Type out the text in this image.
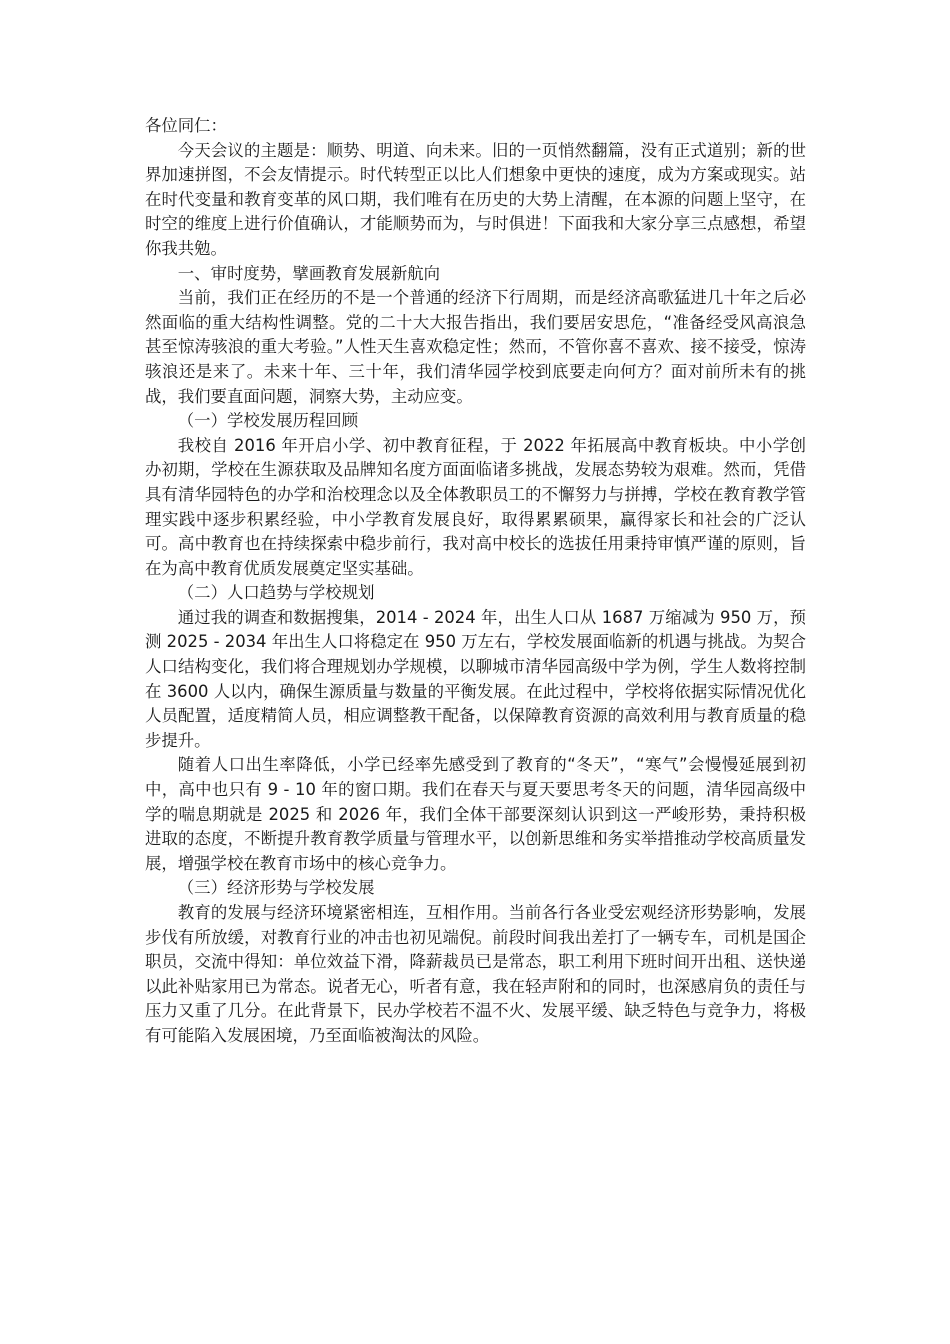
各位同仁：

今天会议的主题是：顺势、明道、向未来。旧的一页悄然翻篇，没有正式道别；新的世界加速拼图，不会友情提示。时代转型正以比人们想象中更快的速度，成为方案或现实。站在时代变量和教育变革的风口期，我们唯有在历史的大势上清醒，在本源的问题上坚守，在时空的维度上进行价值确认，才能顺势而为，与时俱进！下面我和大家分享三点感想，希望你我共勉。

一、审时度势，擘画教育发展新航向

当前，我们正在经历的不是一个普通的经济下行周期，而是经济高歌猛进几十年之后必然面临的重大结构性调整。党的二十大大报告指出，我们要居安思危，“准备经受风高浪急甚至惊涛骇浪的重大考验。”人性天生喜欢稳定性；然而，不管你喜不喜欢、接不接受，惊涛骇浪还是来了。未来十年、三十年，我们清华园学校到底要走向何方？面对前所未有的挑战，我们要直面问题，洞察大势，主动应变。

（一）学校发展历程回顾

我校自 2016 年开启小学、初中教育征程，于 2022 年拓展高中教育板块。中小学创办初期，学校在生源获取及品牌知名度方面面临诸多挑战，发展态势较为艰难。然而，凭借具有清华园特色的办学和治校理念以及全体教职员工的不懈努力与拼搏，学校在教育教学管理实践中逐步积累经验，中小学教育发展良好，取得累累硕果，赢得家长和社会的广泛认可。高中教育也在持续探索中稳步前行，我对高中校长的选拔任用秉持审慎严谨的原则，旨在为高中教育优质发展奠定坚实基础。

（二）人口趋势与学校规划

通过我的调查和数据搜集，2014 - 2024 年，出生人口从 1687 万缩减为 950 万，预测 2025 - 2034 年出生人口将稳定在 950 万左右，学校发展面临新的机遇与挑战。为契合人口结构变化，我们将合理规划办学规模，以聊城市清华园高级中学为例，学生人数将控制在 3600 人以内，确保生源质量与数量的平衡发展。在此过程中，学校将依据实际情况优化人员配置，适度精简人员，相应调整教干配备，以保障教育资源的高效利用与教育质量的稳步提升。

随着人口出生率降低，小学已经率先感受到了教育的“冬天”，“寒气”会慢慢延展到初中，高中也只有 9 - 10 年的窗口期。我们在春天与夏天要思考冬天的问题，清华园高级中学的喘息期就是 2025 和 2026 年，我们全体干部要深刻认识到这一严峻形势，秉持积极进取的态度，不断提升教育教学质量与管理水平，以创新思维和务实举措推动学校高质量发展，增强学校在教育市场中的核心竞争力。

（三）经济形势与学校发展

教育的发展与经济环境紧密相连，互相作用。当前各行各业受宏观经济形势影响，发展步伐有所放缓，对教育行业的冲击也初见端倪。前段时间我出差打了一辆专车，司机是国企职员，交流中得知：单位效益下滑，降薪裁员已是常态，职工利用下班时间开出租、送快递以此补贴家用已为常态。说者无心，听者有意，我在轻声附和的同时，也深感肩负的责任与压力又重了几分。在此背景下，民办学校若不温不火、发展平缓、缺乏特色与竞争力，将极有可能陷入发展困境，乃至面临被淘汰的风险。
